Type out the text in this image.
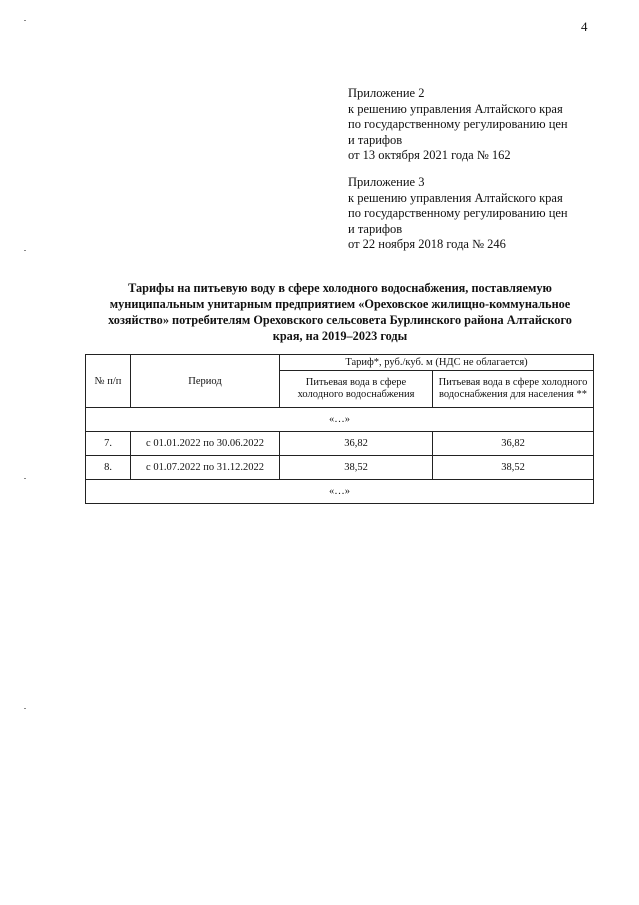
4
Приложение 2
к решению управления Алтайского края
по государственному регулированию цен
и тарифов
от 13 октября 2021 года № 162
Приложение 3
к решению управления Алтайского края
по государственному регулированию цен
и тарифов
от 22 ноября 2018 года № 246
Тарифы на питьевую воду в сфере холодного водоснабжения, поставляемую
муниципальным унитарным предприятием «Ореховское жилищно-коммунальное
хозяйство» потребителям Ореховского сельсовета Бурлинского района Алтайского
края, на 2019–2023 годы
№ п/п	Период	Тариф*, руб./куб. м (НДС не облагается)	
		Питьевая вода в сфере холодного водоснабжения	Питьевая вода в сфере холодного водоснабжения для населения **
«…»			
7.	с 01.01.2022 по 30.06.2022	36,82	36,82
8.	с 01.07.2022 по 31.12.2022	38,52	38,52
«…»			
